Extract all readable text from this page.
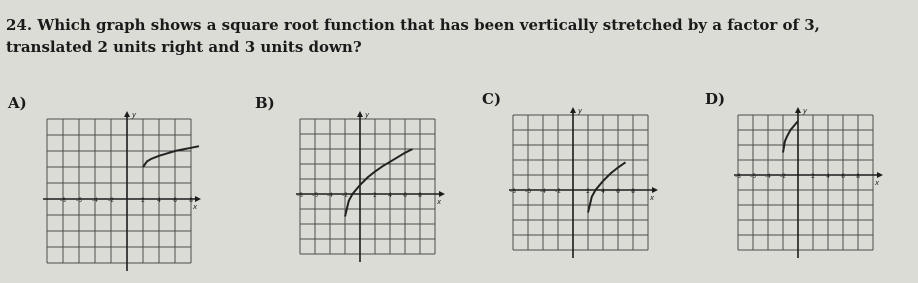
24. Which graph shows a square root function that has been vertically stretched by a factor of 3, translated 2 units right and 3 units down?
A)
x
y
-8 -6 -4 -2	2 4 6 8
B)
x
y
-8 -6 -4 -2	2 4 6 8
C)
x
y
-8 -6 -4 -2	2 4 6 8
D)
x
y
-8 -6 -4 -2	2 4 6 8
